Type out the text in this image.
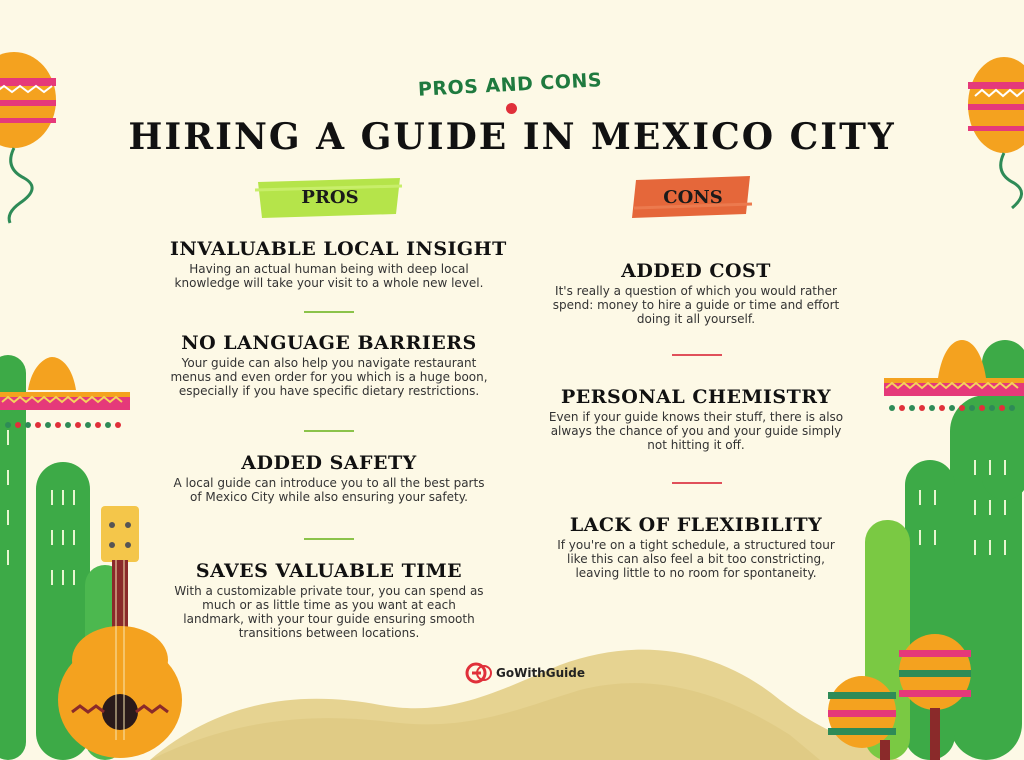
PROS AND CONS
HIRING A GUIDE IN MEXICO CITY
PROS	CONS
INVALUABLE LOCAL INSIGHT

Having an actual human being with deep local knowledge will take your visit to a whole new level.

NO LANGUAGE BARRIERS

Your guide can also help you navigate restaurant menus and even order for you which is a huge boon, especially if you have specific dietary restrictions.

ADDED SAFETY

A local guide can introduce you to all the best parts of Mexico City while also ensuring your safety.

SAVES VALUABLE TIME

With a customizable private tour, you can spend as much or as little time as you want at each landmark, with your tour guide ensuring smooth transitions between locations.

ADDED COST

It's really a question of which you would rather spend: money to hire a guide or time and effort doing it all yourself.

PERSONAL CHEMISTRY

Even if your guide knows their stuff, there is also always the chance of you and your guide simply not hitting it off.

LACK OF FLEXIBILITY

If you're on a tight schedule, a structured tour like this can also feel a bit too constricting, leaving little to no room for spontaneity.

GoWithGuide
